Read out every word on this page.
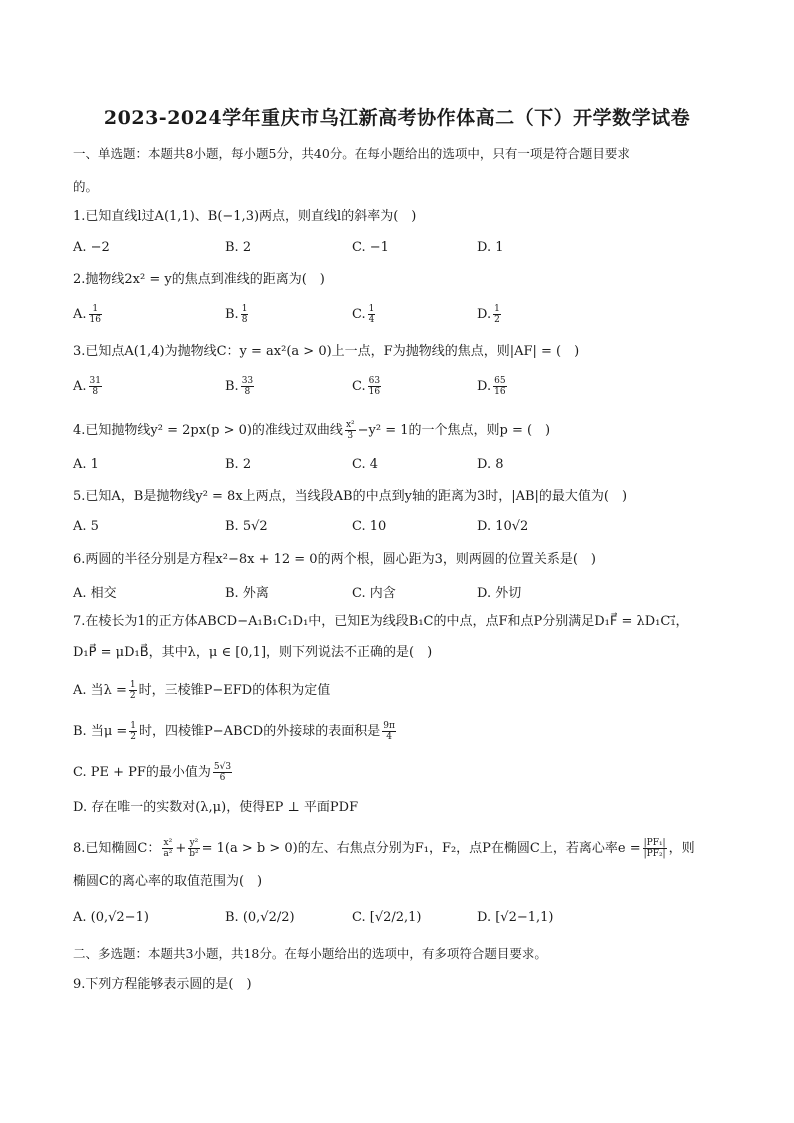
2023-2024学年重庆市乌江新高考协作体高二（下）开学数学试卷
一、单选题：本题共8小题，每小题5分，共40分。在每小题给出的选项中，只有一项是符合题目要求
的。
1.已知直线l过A(1,1)、B(−1,3)两点，则直线l的斜率为(　)
A. −2	B. 2	C. −1	D. 1
2.抛物线2x² = y的焦点到准线的距离为(　)
A. $\frac{1}{16}$	B. $\frac{1}{8}$	C. $\frac{1}{4}$	D. $\frac{1}{2}$
3.已知点A(1,4)为抛物线C：y = ax²(a > 0)上一点，F为抛物线的焦点，则|AF| = (　)
A. $\frac{31}{8}$	B. $\frac{33}{8}$	C. $\frac{63}{16}$	D. $\frac{65}{16}$
4.已知抛物线y² = 2px(p > 0)的准线过双曲线 $\frac{\text{x²}}{3} -y^2 = 1$的一个焦点，则p = (　)
A. 1	B. 2	C. 4	D. 8
5.已知A，B是抛物线y² = 8x上两点，当线段AB的中点到y轴的距离为3时，|AB|的最大值为(　)
A. 5	B. 5√2	C. 10	D. 10√2
6.两圆的半径分别是方程x²−8x + 12 = 0的两个根，圆心距为3，则两圆的位置关系是(　)
A. 相交	B. 外离	C. 内含	D. 外切
7.在棱长为1的正方体ABCD−A₁B₁C₁D₁中，已知E为线段B₁C的中点，点F和点P分别满足D₁F⃗ = λD₁C₁⃗，
D₁P⃗ = μD₁B⃗，其中λ，μ ∈ [0,1]，则下列说法不正确的是(　)
A. 当$\lambda = \frac{1}{2}$ 时，三棱锥P−EFD的体积为定值
B. 当$\mu = \frac{1}{2}$ 时，四棱锥P−ABCD的外接球的表面积是 $\frac{9\pi}{4}$
C. PE + PF的最小值为 $\frac{5√3}{6}$
D. 存在唯一的实数对(λ,μ)，使得EP ⊥ 平面PDF
8.已知椭圆C： $\frac{\text{x²}}{\text{a²}} + \frac{\text{y²}}{\text{b²}} = 1(a > b > 0)$的左、右焦点分别为F₁，F₂，点P在椭圆C上，若离心率$e = \frac{\text{|PF₁|}}{\text{|PF₂|}}$ ，则
椭圆C的离心率的取值范围为(　)
A. (0,√2−1)	B. (0,√2/2)	C. [√2/2,1)	D. [√2−1,1)
二、多选题：本题共3小题，共18分。在每小题给出的选项中，有多项符合题目要求。
9.下列方程能够表示圆的是(　)
